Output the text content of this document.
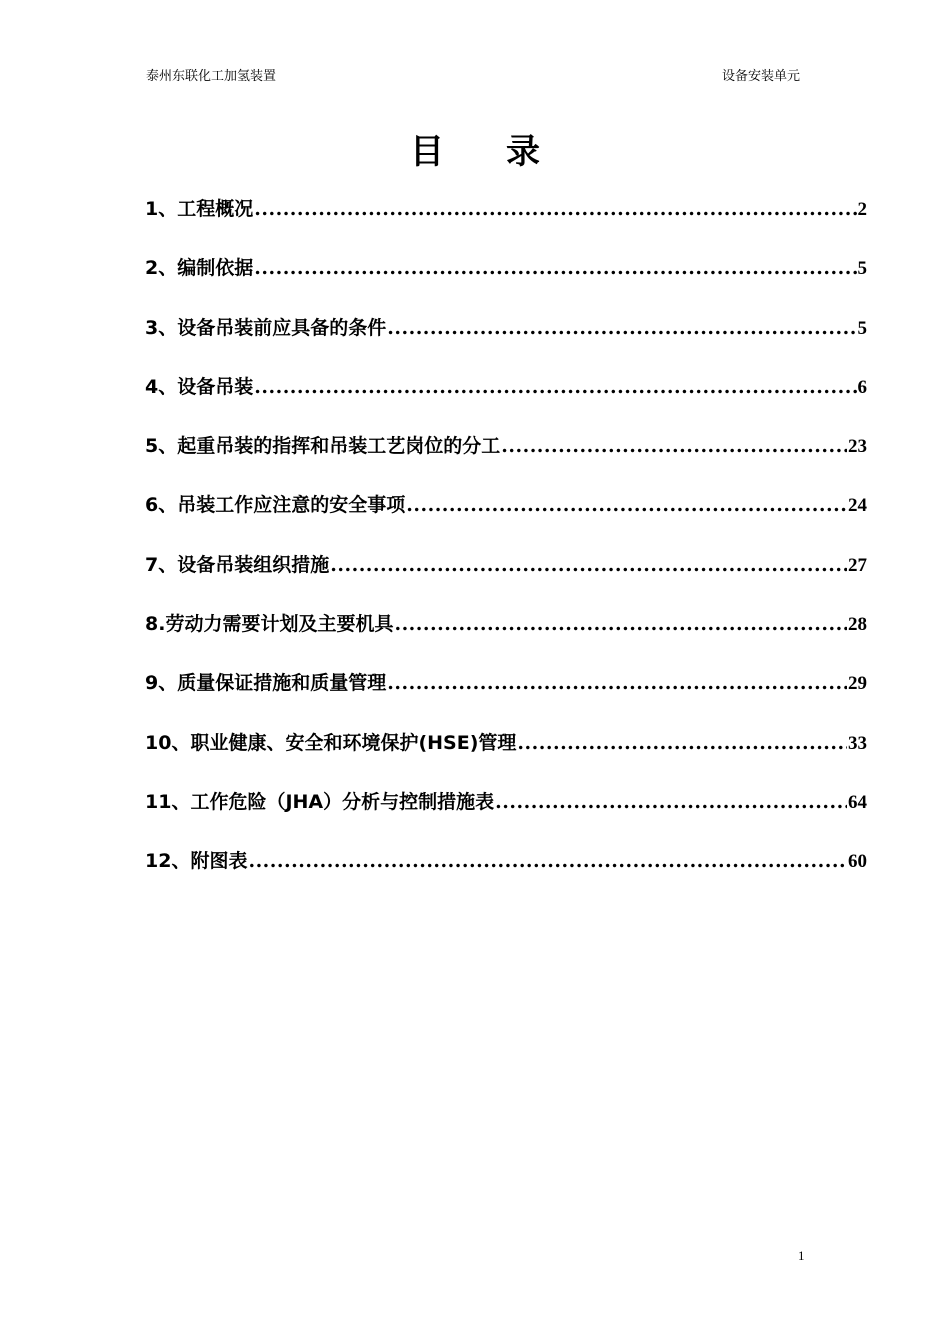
泰州东联化工加氢装置	设备安装单元
目 录
1、工程概况 .....	2
2、编制依据 .....	5
3、设备吊装前应具备的条件 .....	5
4、设备吊装 .....	6
5、起重吊装的指挥和吊装工艺岗位的分工 .....	23
6、吊装工作应注意的安全事项 .....	24
7、设备吊装组织措施 .....	27
8.劳动力需要计划及主要机具 .....	28
9、质量保证措施和质量管理 .....	29
10、职业健康、安全和环境保护(HSE)管理 .....	33
11、工作危险（JHA）分析与控制措施表 .....	64
12、附图表 .....	60
1
